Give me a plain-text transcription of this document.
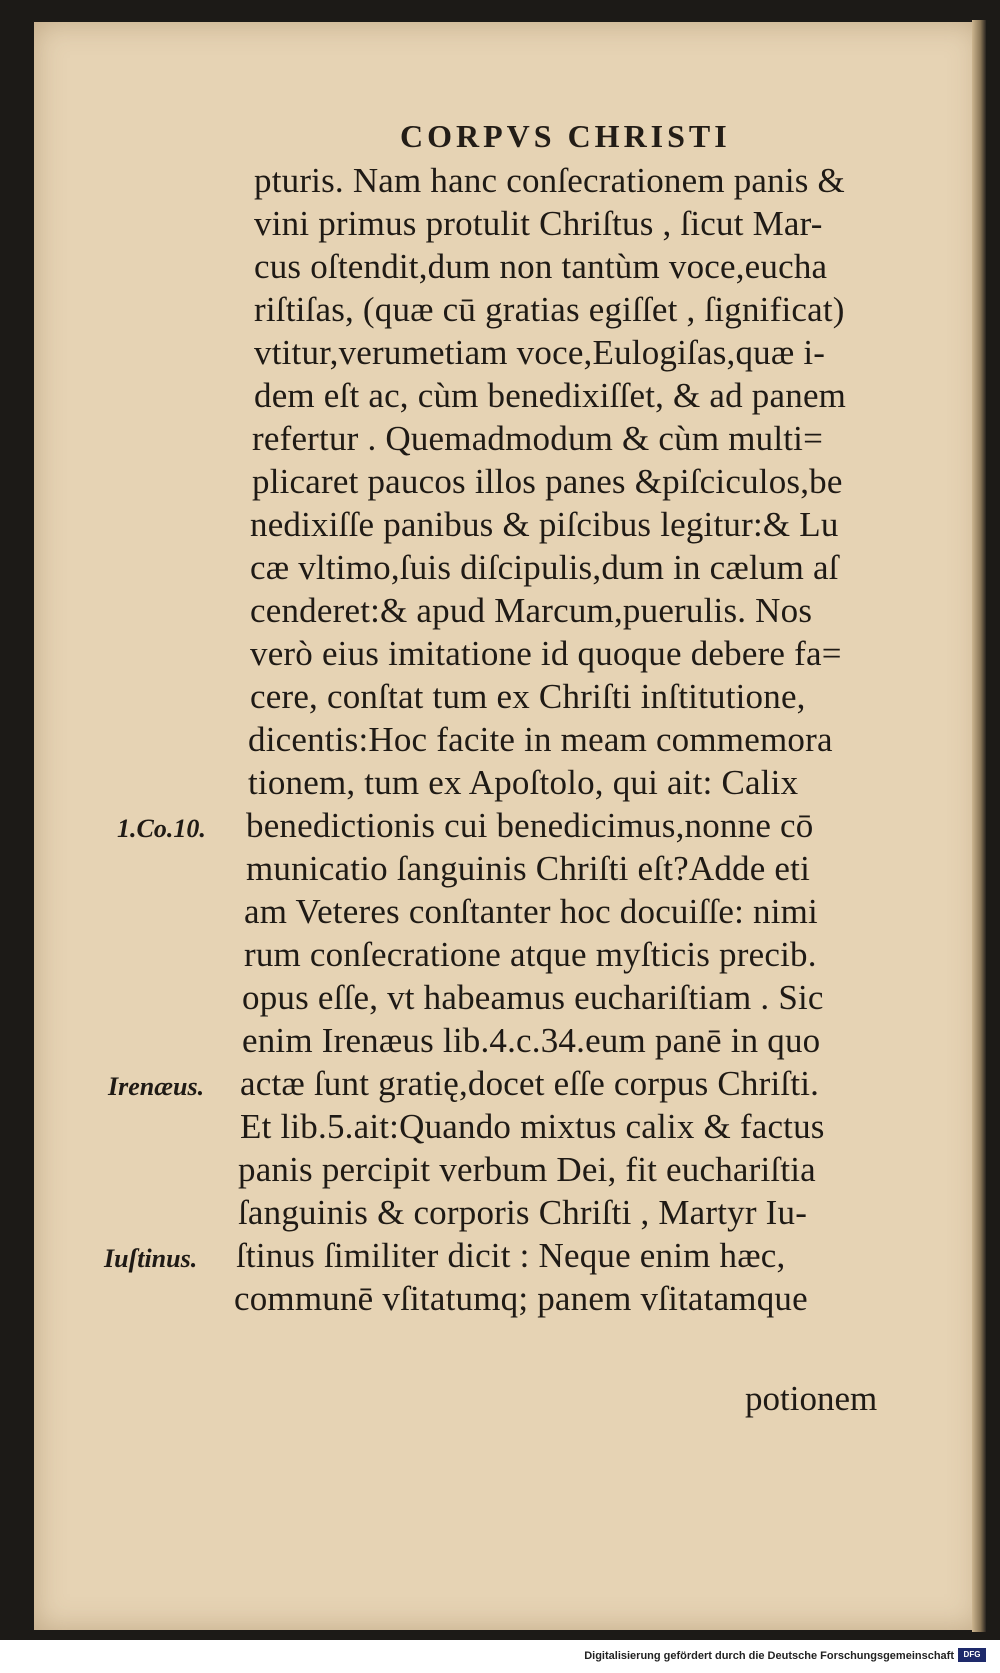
CORPVS CHRISTI
pturis. Nam hanc conſecrationem panis &
vini primus protulit Chriſtus , ſicut Mar-
cus oſtendit,dum non tantùm voce,eucha
riſtiſas, (quæ cū gratias egiſſet , ſignificat)
vtitur,verumetiam voce,Eulogiſas,quæ i-
dem eſt ac, cùm benedixiſſet, & ad panem
refertur . Quemadmodum & cùm multi=
plicaret paucos illos panes &piſciculos,be
nedixiſſe panibus & piſcibus legitur:& Lu
cæ vltimo,ſuis diſcipulis,dum in cælum aſ
cenderet:& apud Marcum,puerulis. Nos
verò eius imitatione id quoque debere fa=
cere, conſtat tum ex Chriſti inſtitutione,
dicentis:Hoc facite in meam commemora
tionem, tum ex Apoſtolo, qui ait: Calix
benedictionis cui benedicimus,nonne cō
municatio ſanguinis Chriſti eſt?Adde eti
am Veteres conſtanter hoc docuiſſe: nimi
rum conſecratione atque myſticis precib.
opus eſſe, vt habeamus euchariſtiam . Sic
enim Irenæus lib.4.c.34.eum panē in quo
actæ ſunt gratię,docet eſſe corpus Chriſti.
Et lib.5.ait:Quando mixtus calix & factus
panis percipit verbum Dei, fit euchariſtia
ſanguinis & corporis Chriſti , Martyr Iu-
ſtinus ſimiliter dicit : Neque enim hæc,
communē vſitatumq; panem vſitatamque
1.Co.10.
Irenæus.
Iuſtinus.
potionem
Digitalisierung gefördert durch die Deutsche Forschungsgemeinschaft	DFG
